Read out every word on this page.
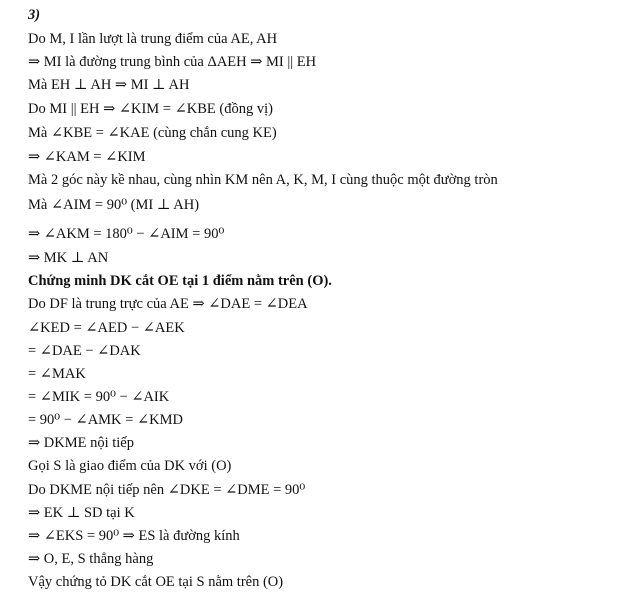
3)
Do M, I lần lượt là trung điểm của AE, AH
⇒ MI là đường trung bình của ΔAEH ⇒ MI || EH
Mà EH ⊥ AH ⇒ MI ⊥ AH
Do MI || EH ⇒ ∠KIM = ∠KBE (đồng vị)
Mà ∠KBE = ∠KAE (cùng chắn cung KE)
⇒ ∠KAM = ∠KIM
Mà 2 góc này kề nhau, cùng nhìn KM nên A, K, M, I cùng thuộc một đường tròn
Mà ∠AIM = 90⁰ (MI ⊥ AH)
⇒ ∠AKM = 180⁰ − ∠AIM = 90⁰
⇒ MK ⊥ AN
Chứng minh DK cắt OE tại 1 điểm nằm trên (O).
Do DF là trung trực của AE ⇒ ∠DAE = ∠DEA
∠KED = ∠AED − ∠AEK
= ∠DAE − ∠DAK
= ∠MAK
= ∠MIK = 90⁰ − ∠AIK
= 90⁰ − ∠AMK = ∠KMD
⇒ DKME nội tiếp
Gọi S là giao điểm của DK với (O)
Do DKME nội tiếp nên ∠DKE = ∠DME = 90⁰
⇒ EK ⊥ SD tại K
⇒ ∠EKS = 90⁰ ⇒ ES là đường kính
⇒ O, E, S thẳng hàng
Vậy chứng tỏ DK cắt OE tại S nằm trên (O)
